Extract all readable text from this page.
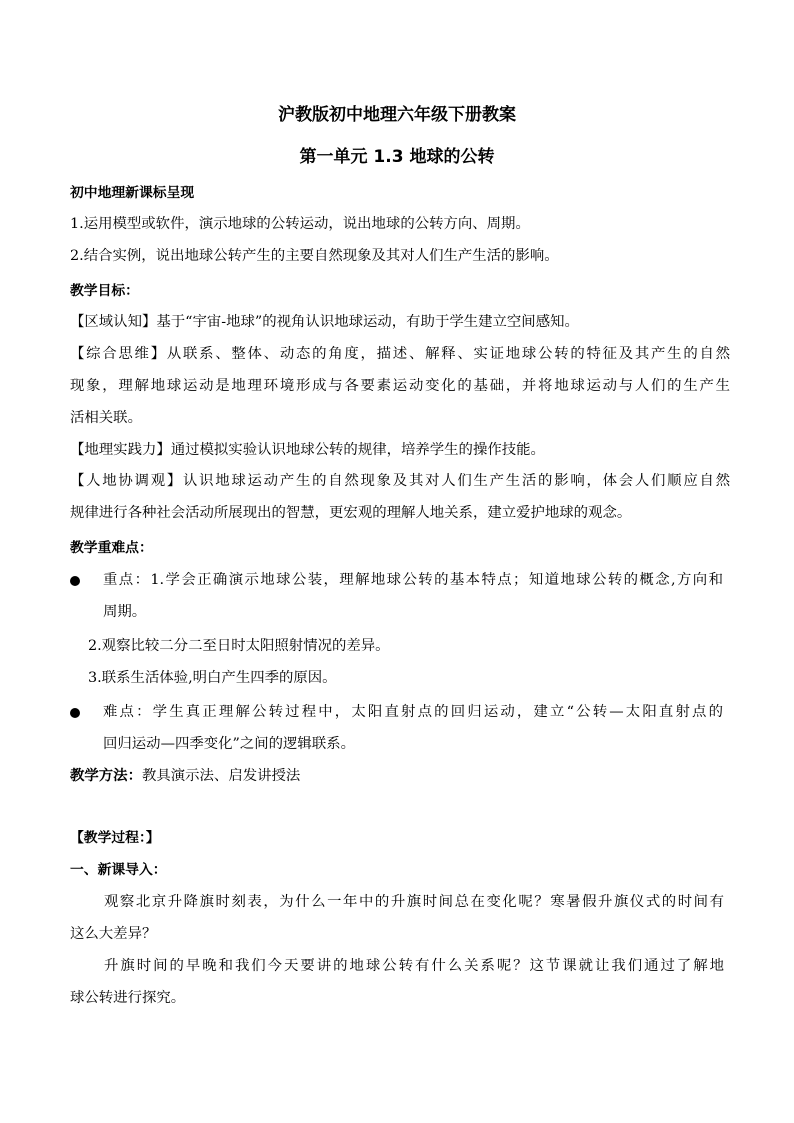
沪教版初中地理六年级下册教案
第一单元 1.3 地球的公转
初中地理新课标呈现
1.运用模型或软件，演示地球的公转运动，说出地球的公转方向、周期。
2.结合实例，说出地球公转产生的主要自然现象及其对人们生产生活的影响。
教学目标：
【区域认知】基于“宇宙-地球”的视角认识地球运动，有助于学生建立空间感知。
【综合思维】从联系、整体、动态的角度，描述、解释、实证地球公转的特征及其产生的自然
现象，理解地球运动是地理环境形成与各要素运动变化的基础，并将地球运动与人们的生产生
活相关联。
【地理实践力】通过模拟实验认识地球公转的规律，培养学生的操作技能。
【人地协调观】认识地球运动产生的自然现象及其对人们生产生活的影响，体会人们顺应自然
规律进行各种社会活动所展现出的智慧，更宏观的理解人地关系，建立爱护地球的观念。
教学重难点：
重点：1.学会正确演示地球公装，理解地球公转的基本特点；知道地球公转的概念,方向和
周期。
2.观察比较二分二至日时太阳照射情况的差异。
3.联系生活体验,明白产生四季的原因。
难点：学生真正理解公转过程中，太阳直射点的回归运动，建立“公转—太阳直射点的
回归运动—四季变化”之间的逻辑联系。
教学方法：教具演示法、启发讲授法
【教学过程：】
一、新课导入：
观察北京升降旗时刻表，为什么一年中的升旗时间总在变化呢？寒暑假升旗仪式的时间有
这么大差异？
升旗时间的早晚和我们今天要讲的地球公转有什么关系呢？这节课就让我们通过了解地
球公转进行探究。
